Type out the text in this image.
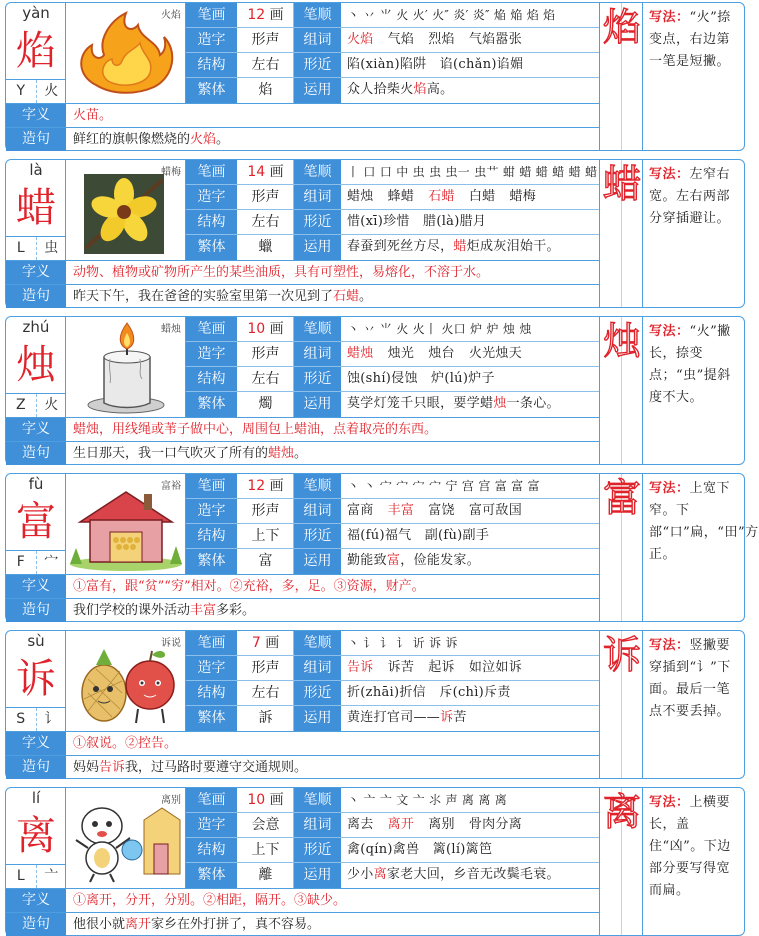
yàn
焰
Y	火
火焰	笔画	12 画	笔顺	丶 丷 ⺌ 火 火′ 火″ 炎′ 炎″ 焔 焔 焰 焰
造字	形声	组词	火焰 气焰 烈焰 气焰嚣张
结构	左右	形近	陷(xiàn)陷阱　谄(chǎn)谄媚
繁体	焰	运用	众人拾柴火焰高。
焰 写法：“火”捺变点，右边第一笔是短撇。
字义	火苗。
造句	鲜红的旗帜像燃烧的火焰。
là
蜡
L	虫
蜡梅	笔画	14 画	笔顺	丨 口 口 中 虫 虫 虫一 虫艹 蚶 蜡 蜡 蜡 蜡 蜡
造字	形声	组词	蜡烛 蜂蜡 石蜡 白蜡 蜡梅
结构	左右	形近	惜(xī)珍惜　腊(là)腊月
繁体	蠟	运用	春蚕到死丝方尽，蜡炬成灰泪始干。
蜡 写法：左窄右宽。左右两部分穿插避让。
字义	动物、植物或矿物所产生的某些油质，具有可塑性，易熔化，不溶于水。
造句	昨天下午，我在爸爸的实验室里第一次见到了石蜡。
zhú
烛
Z	火
蜡烛	笔画	10 画	笔顺	丶 丷 ⺌ 火 火丨 火口 炉 炉 烛 烛
造字	形声	组词	蜡烛 烛光 烛台 火光烛天
结构	左右	形近	蚀(shí)侵蚀　炉(lú)炉子
繁体	燭	运用	莫学灯笼千只眼，要学蜡烛一条心。
烛 写法：“火”撇长，捺变点；“虫”提斜度不大。
字义	蜡烛，用线绳或苇子做中心，周围包上蜡油，点着取亮的东西。
造句	生日那天，我一口气吹灭了所有的蜡烛。
fù
富
F	宀
富裕	笔画	12 画	笔顺	丶 丶 宀 宀 宀 宀 宁 宫 宫 富 富 富
造字	形声	组词	富商 丰富 富饶 富可敌国
结构	上下	形近	福(fú)福气　副(fù)副手
繁体	富	运用	勤能致富，俭能发家。
富 写法：上宽下窄。下部“口”扁，“田”方正。
字义	①富有，跟“贫”“穷”相对。②充裕，多，足。③资源，财产。
造句	我们学校的课外活动丰富多彩。
sù
诉
S	讠
诉说	笔画	7 画	笔顺	丶 讠 讠 讠 䜣 诉 诉
造字	形声	组词	告诉 诉苦 起诉 如泣如诉
结构	左右	形近	折(zhāi)折信　斥(chì)斥责
繁体	訴	运用	黄连打官司——诉苦
诉 写法：竖撇要穿插到“讠”下面。最后一笔点不要丢掉。
字义	①叙说。②控告。
造句	妈妈告诉我，过马路时要遵守交通规则。
lí
离
L	亠
离别	笔画	10 画	笔顺	丶 亠 亠 文 亠 ⺢ 声 离 离 离
造字	会意	组词	离去 离开 离别 骨肉分离
结构	上下	形近	禽(qín)禽兽　篱(lí)篱笆
繁体	離	运用	少小离家老大回，乡音无改鬓毛衰。
离 写法：上横要长，盖住“凶”。下边部分要写得宽而扁。
字义	①离开，分开，分别。②相距，隔开。③缺少。
造句	他很小就离开家乡在外打拼了，真不容易。
